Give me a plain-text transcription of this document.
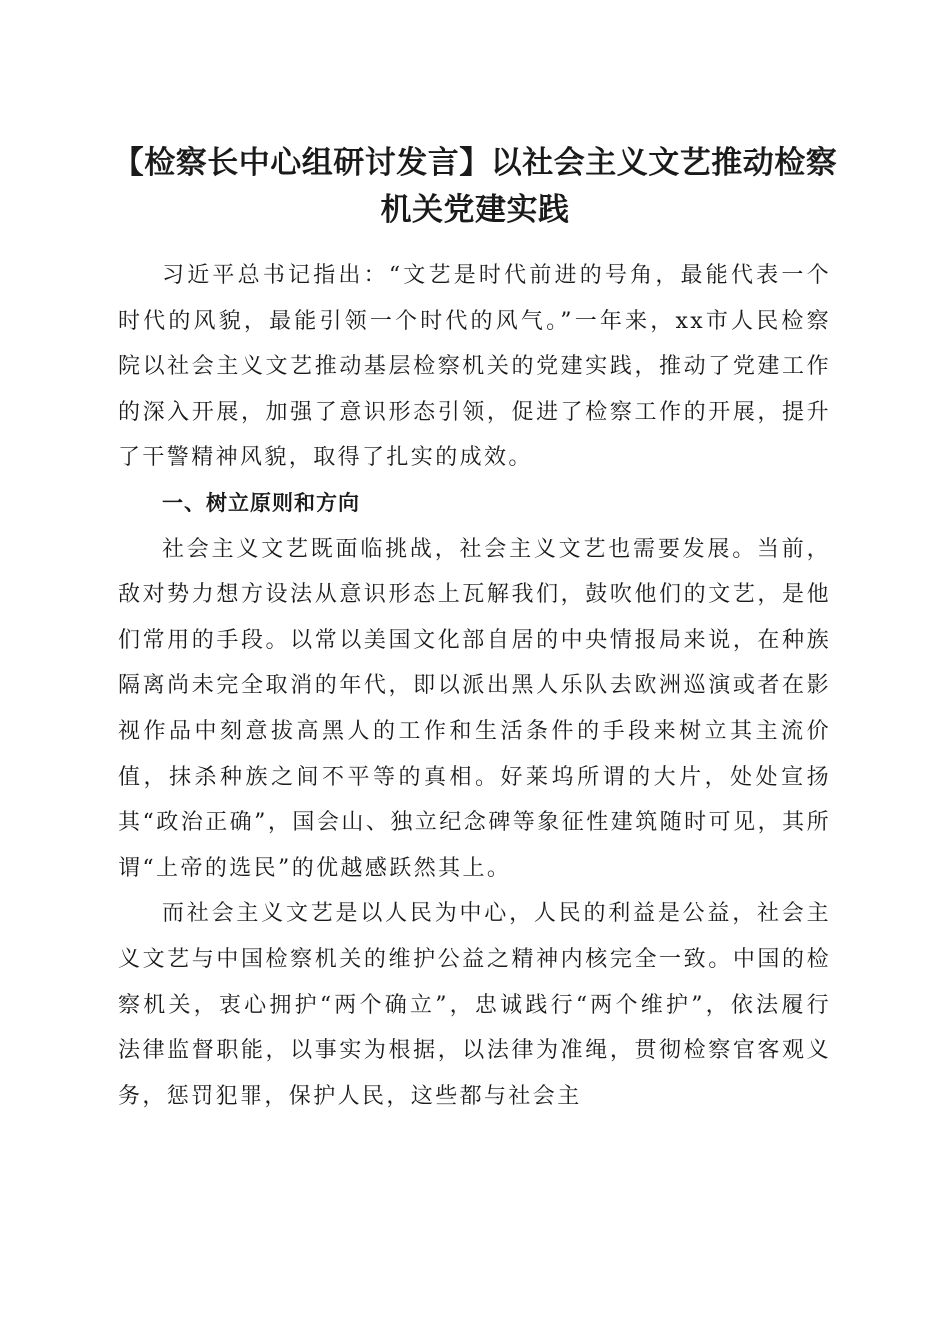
【检察长中心组研讨发言】以社会主义文艺推动检察机关党建实践

习近平总书记指出：“文艺是时代前进的号角，最能代表一个时代的风貌，最能引领一个时代的风气。”一年来，xx市人民检察院以社会主义文艺推动基层检察机关的党建实践，推动了党建工作的深入开展，加强了意识形态引领，促进了检察工作的开展，提升了干警精神风貌，取得了扎实的成效。

一、树立原则和方向

社会主义文艺既面临挑战，社会主义文艺也需要发展。当前，敌对势力想方设法从意识形态上瓦解我们，鼓吹他们的文艺，是他们常用的手段。以常以美国文化部自居的中央情报局来说，在种族隔离尚未完全取消的年代，即以派出黑人乐队去欧洲巡演或者在影视作品中刻意拔高黑人的工作和生活条件的手段来树立其主流价值，抹杀种族之间不平等的真相。好莱坞所谓的大片，处处宣扬其“政治正确”，国会山、独立纪念碑等象征性建筑随时可见，其所谓“上帝的选民”的优越感跃然其上。

而社会主义文艺是以人民为中心，人民的利益是公益，社会主义文艺与中国检察机关的维护公益之精神内核完全一致。中国的检察机关，衷心拥护“两个确立”，忠诚践行“两个维护”，依法履行法律监督职能，以事实为根据，以法律为准绳，贯彻检察官客观义务，惩罚犯罪，保护人民，这些都与社会主
